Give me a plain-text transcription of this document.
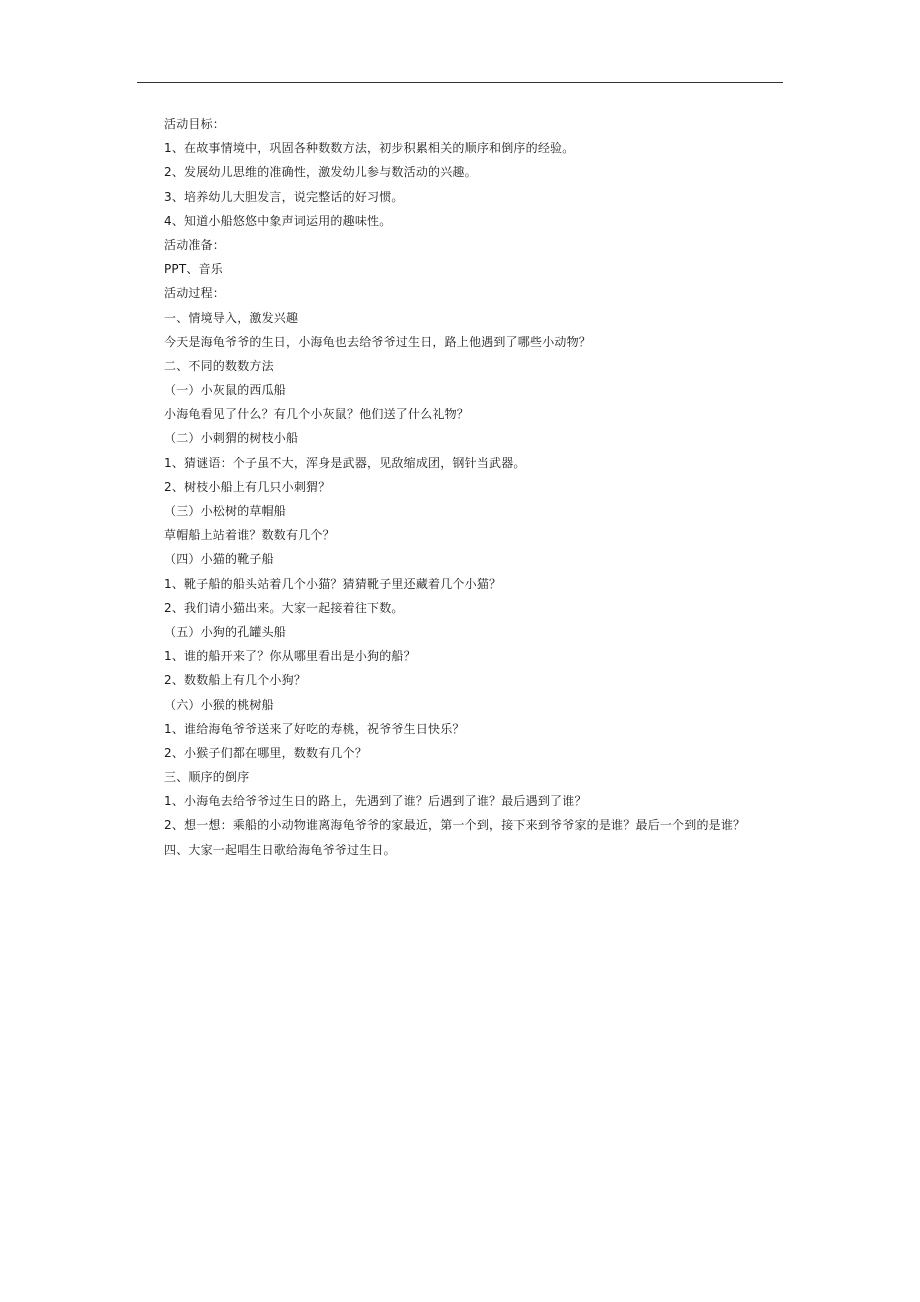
活动目标：
1、在故事情境中，巩固各种数数方法，初步积累相关的顺序和倒序的经验。
2、发展幼儿思维的准确性，激发幼儿参与数活动的兴趣。
3、培养幼儿大胆发言，说完整话的好习惯。
4、知道小船悠悠中象声词运用的趣味性。
活动准备：
PPT、音乐
活动过程：
一、情境导入，激发兴趣
今天是海龟爷爷的生日，小海龟也去给爷爷过生日，路上他遇到了哪些小动物？
二、不同的数数方法
（一）小灰鼠的西瓜船
小海龟看见了什么？有几个小灰鼠？他们送了什么礼物？
（二）小刺猬的树枝小船
1、猜谜语：个子虽不大，浑身是武器，见敌缩成团，钢针当武器。
2、树枝小船上有几只小刺猬？
（三）小松树的草帽船
草帽船上站着谁？数数有几个？
（四）小猫的靴子船
1、靴子船的船头站着几个小猫？猜猜靴子里还藏着几个小猫？
2、我们请小猫出来。大家一起接着往下数。
（五）小狗的孔罐头船
1、谁的船开来了？你从哪里看出是小狗的船？
2、数数船上有几个小狗？
（六）小猴的桃树船
1、谁给海龟爷爷送来了好吃的寿桃，祝爷爷生日快乐？
2、小猴子们都在哪里，数数有几个？
三、顺序的倒序
1、小海龟去给爷爷过生日的路上，先遇到了谁？后遇到了谁？最后遇到了谁？
2、想一想：乘船的小动物谁离海龟爷爷的家最近，第一个到，接下来到爷爷家的是谁？最后一个到的是谁？
四、大家一起唱生日歌给海龟爷爷过生日。
